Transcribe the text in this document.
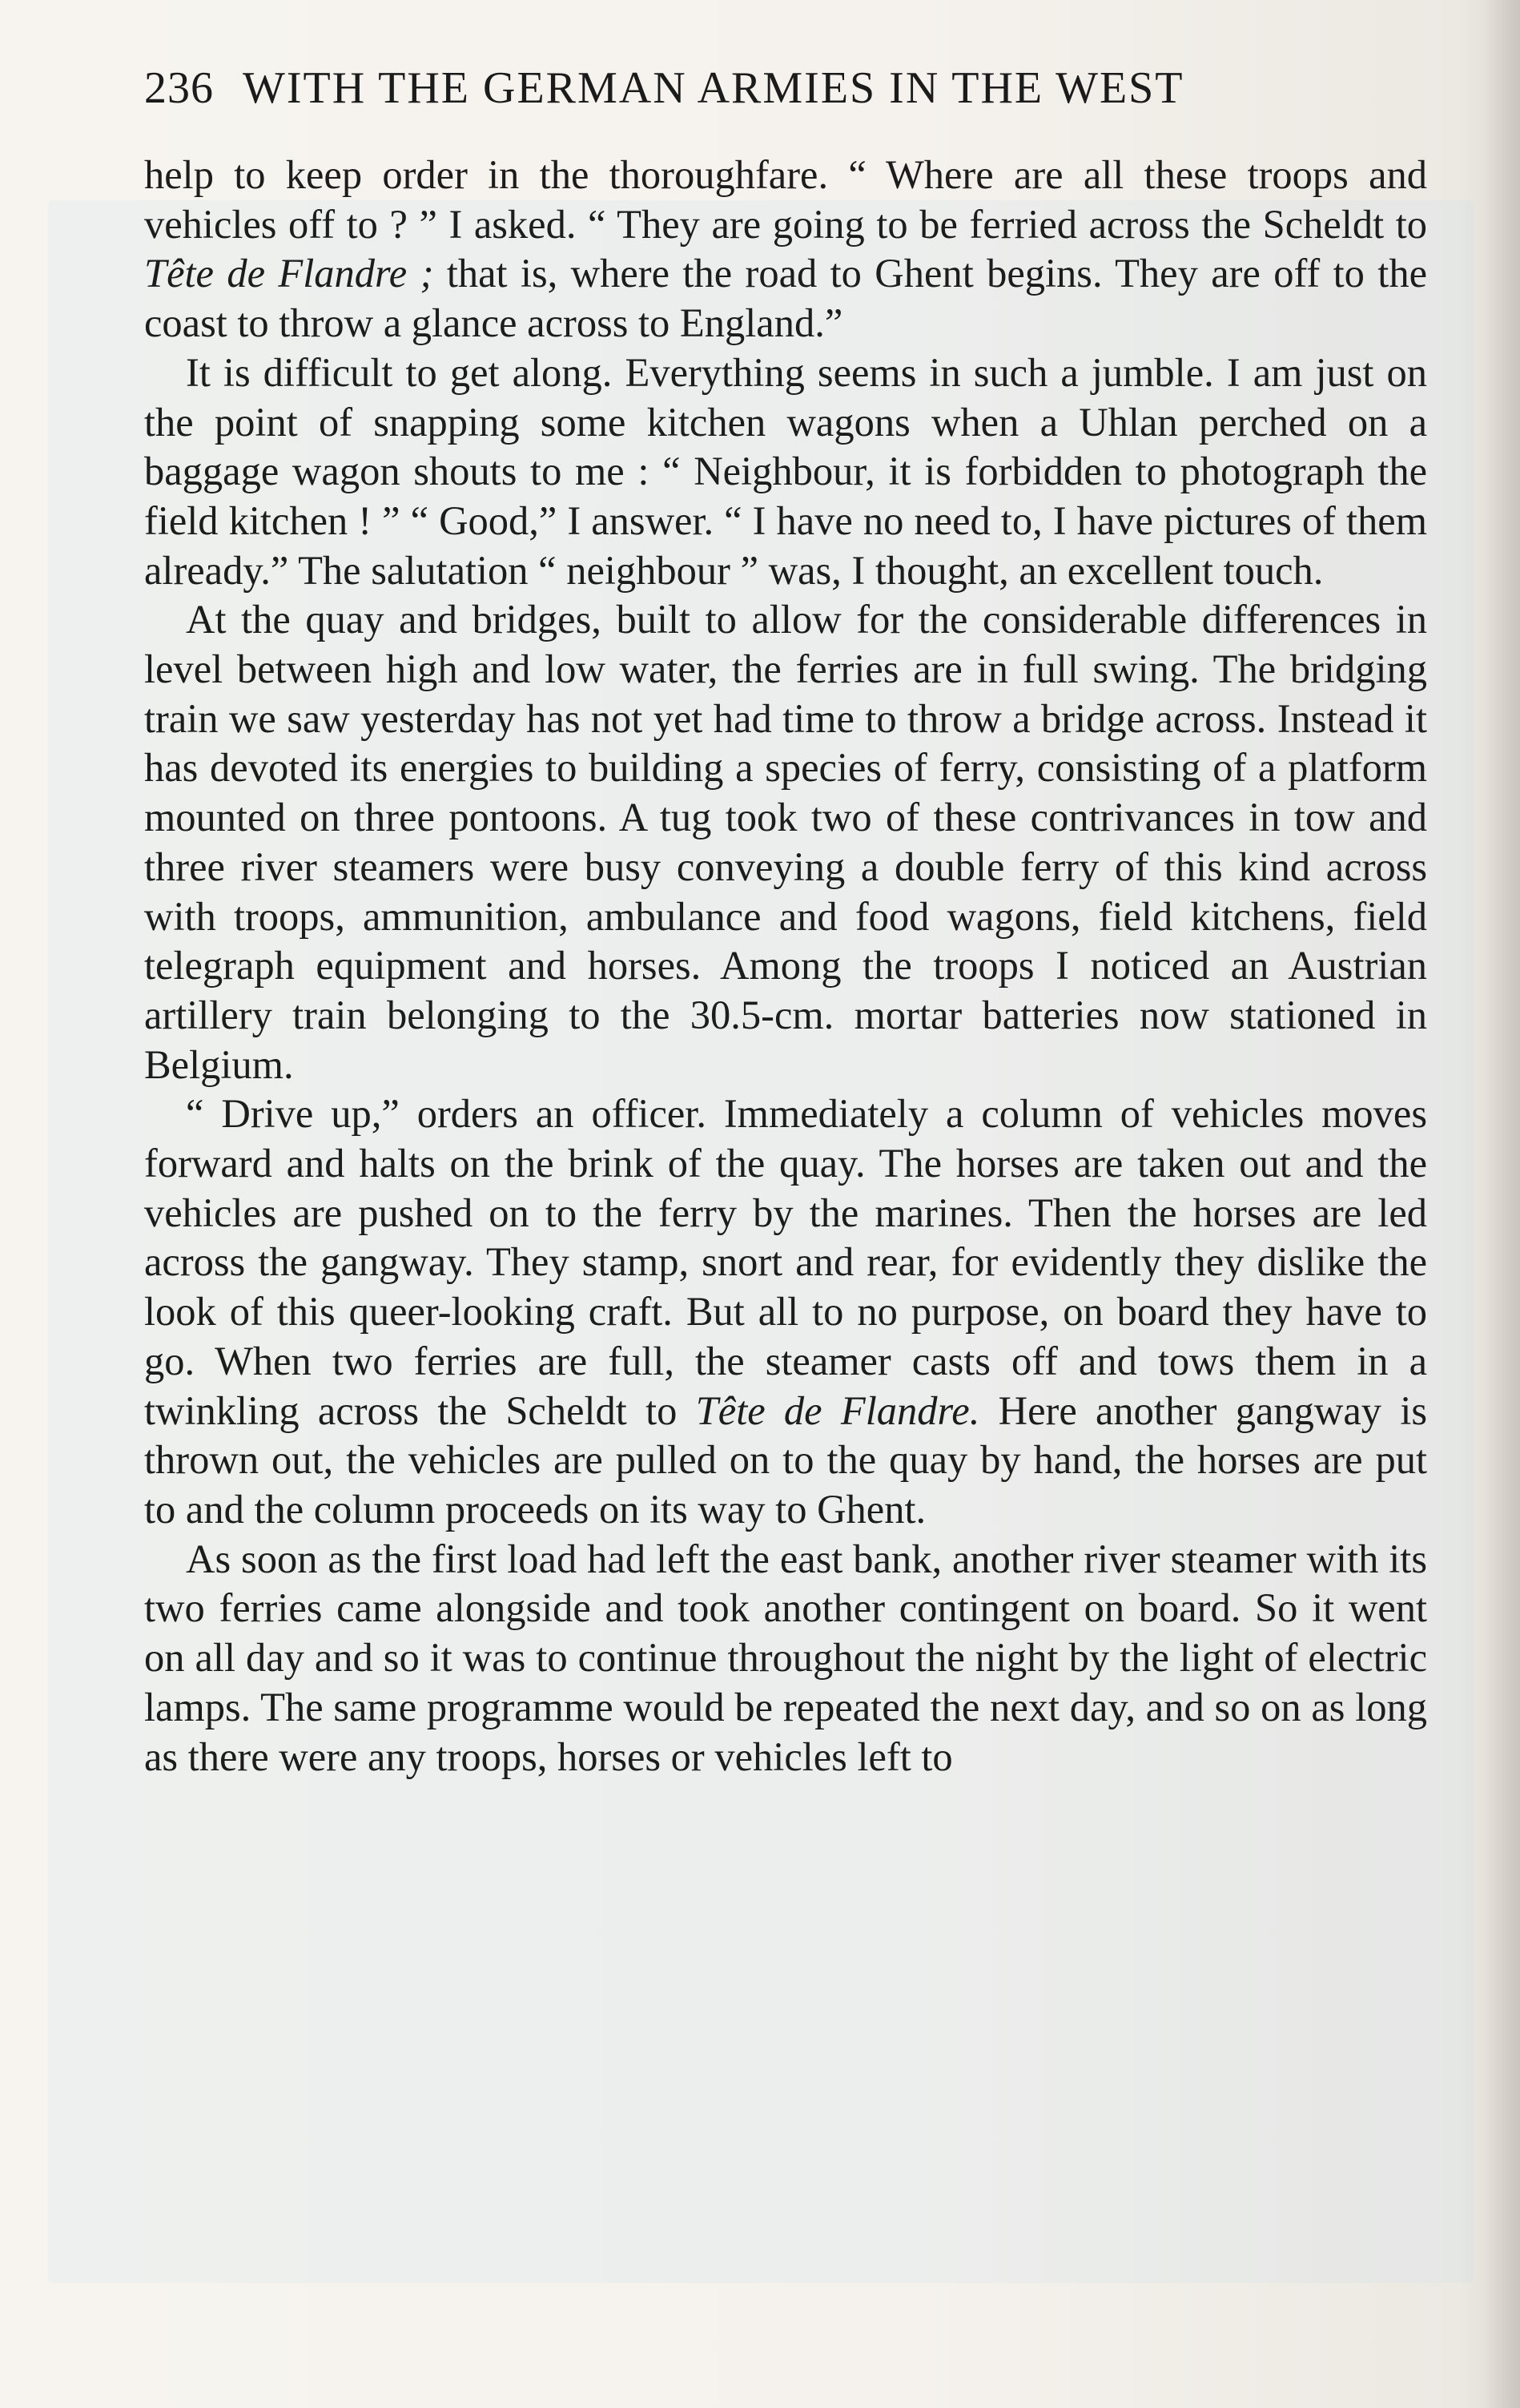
236 WITH THE GERMAN ARMIES IN THE WEST

help to keep order in the thoroughfare. “ Where are all these troops and vehicles off to ? ” I asked. “ They are going to be ferried across the Scheldt to Tête de Flandre ; that is, where the road to Ghent begins. They are off to the coast to throw a glance across to England.”

It is difficult to get along. Everything seems in such a jumble. I am just on the point of snapping some kitchen wagons when a Uhlan perched on a baggage wagon shouts to me : “ Neighbour, it is forbidden to photograph the field kitchen ! ” “ Good,” I answer. “ I have no need to, I have pictures of them already.” The salutation “ neighbour ” was, I thought, an excellent touch.

At the quay and bridges, built to allow for the considerable differences in level between high and low water, the ferries are in full swing. The bridging train we saw yesterday has not yet had time to throw a bridge across. Instead it has devoted its energies to building a species of ferry, consisting of a platform mounted on three pontoons. A tug took two of these contrivances in tow and three river steamers were busy conveying a double ferry of this kind across with troops, ammunition, ambulance and food wagons, field kitchens, field telegraph equipment and horses. Among the troops I noticed an Austrian artillery train belonging to the 30.5-cm. mortar batteries now stationed in Belgium.

“ Drive up,” orders an officer. Immediately a column of vehicles moves forward and halts on the brink of the quay. The horses are taken out and the vehicles are pushed on to the ferry by the marines. Then the horses are led across the gangway. They stamp, snort and rear, for evidently they dislike the look of this queer-looking craft. But all to no purpose, on board they have to go. When two ferries are full, the steamer casts off and tows them in a twinkling across the Scheldt to Tête de Flandre. Here another gangway is thrown out, the vehicles are pulled on to the quay by hand, the horses are put to and the column proceeds on its way to Ghent.

As soon as the first load had left the east bank, another river steamer with its two ferries came alongside and took another contingent on board. So it went on all day and so it was to continue throughout the night by the light of electric lamps. The same programme would be repeated the next day, and so on as long as there were any troops, horses or vehicles left to
